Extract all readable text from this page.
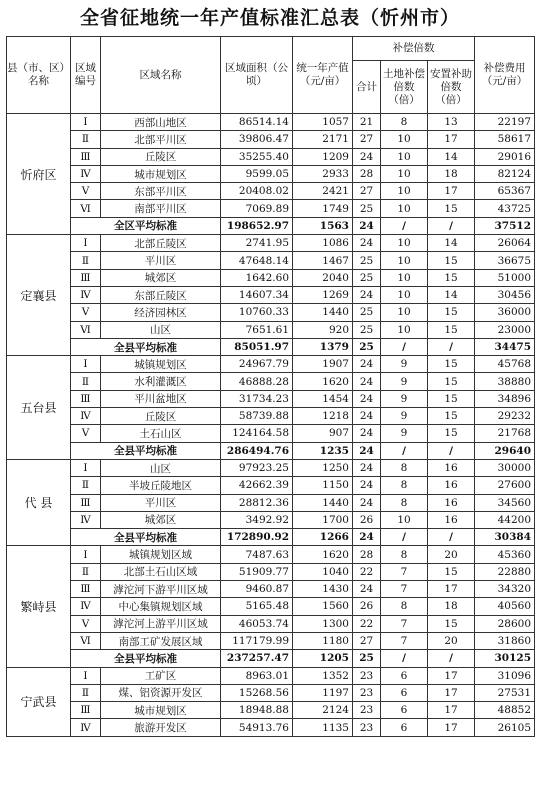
全省征地统一年产值标准汇总表（忻州市）
县（市、区）名称	区域编号	区域名称	区域面积（公顷）	统一年产值（元/亩）	补偿倍数			补偿费用（元/亩）
					合计	土地补偿倍数（倍）	安置补助倍数（倍）	
忻府区	Ⅰ	西部山地区	86514.14	1057	21	8	13	22197
	Ⅱ	北部平川区	39806.47	2171	27	10	17	58617
	Ⅲ	丘陵区	35255.40	1209	24	10	14	29016
	Ⅳ	城市规划区	9599.05	2933	28	10	18	82124
	Ⅴ	东部平川区	20408.02	2421	27	10	17	65367
	Ⅵ	南部平川区	7069.89	1749	25	10	15	43725
	全区平均标准		198652.97	1563	24	/	/	37512
定襄县	Ⅰ	北部丘陵区	2741.95	1086	24	10	14	26064
	Ⅱ	平川区	47648.14	1467	25	10	15	36675
	Ⅲ	城郊区	1642.60	2040	25	10	15	51000
	Ⅳ	东部丘陵区	14607.34	1269	24	10	14	30456
	Ⅴ	经济园林区	10760.33	1440	25	10	15	36000
	Ⅵ	山区	7651.61	920	25	10	15	23000
	全县平均标准		85051.97	1379	25	/	/	34475
五台县	Ⅰ	城镇规划区	24967.79	1907	24	9	15	45768
	Ⅱ	水利灌溉区	46888.28	1620	24	9	15	38880
	Ⅲ	平川盆地区	31734.23	1454	24	9	15	34896
	Ⅳ	丘陵区	58739.88	1218	24	9	15	29232
	Ⅴ	土石山区	124164.58	907	24	9	15	21768
	全县平均标准		286494.76	1235	24	/	/	29640
代 县	Ⅰ	山区	97923.25	1250	24	8	16	30000
	Ⅱ	半坡丘陵地区	42662.39	1150	24	8	16	27600
	Ⅲ	平川区	28812.36	1440	24	8	16	34560
	Ⅳ	城郊区	3492.92	1700	26	10	16	44200
	全县平均标准		172890.92	1266	24	/	/	30384
繁峙县	Ⅰ	城镇规划区域	7487.63	1620	28	8	20	45360
	Ⅱ	北部土石山区域	51909.77	1040	22	7	15	22880
	Ⅲ	滹沱河下游平川区域	9460.87	1430	24	7	17	34320
	Ⅳ	中心集镇规划区域	5165.48	1560	26	8	18	40560
	Ⅴ	滹沱河上游平川区域	46053.74	1300	22	7	15	28600
	Ⅵ	南部工矿发展区域	117179.99	1180	27	7	20	31860
	全县平均标准		237257.47	1205	25	/	/	30125
宁武县	Ⅰ	工矿区	8963.01	1352	23	6	17	31096
	Ⅱ	煤、铝资源开发区	15268.56	1197	23	6	17	27531
	Ⅲ	城市规划区	18948.88	2124	23	6	17	48852
	Ⅳ	旅游开发区	54913.76	1135	23	6	17	26105
